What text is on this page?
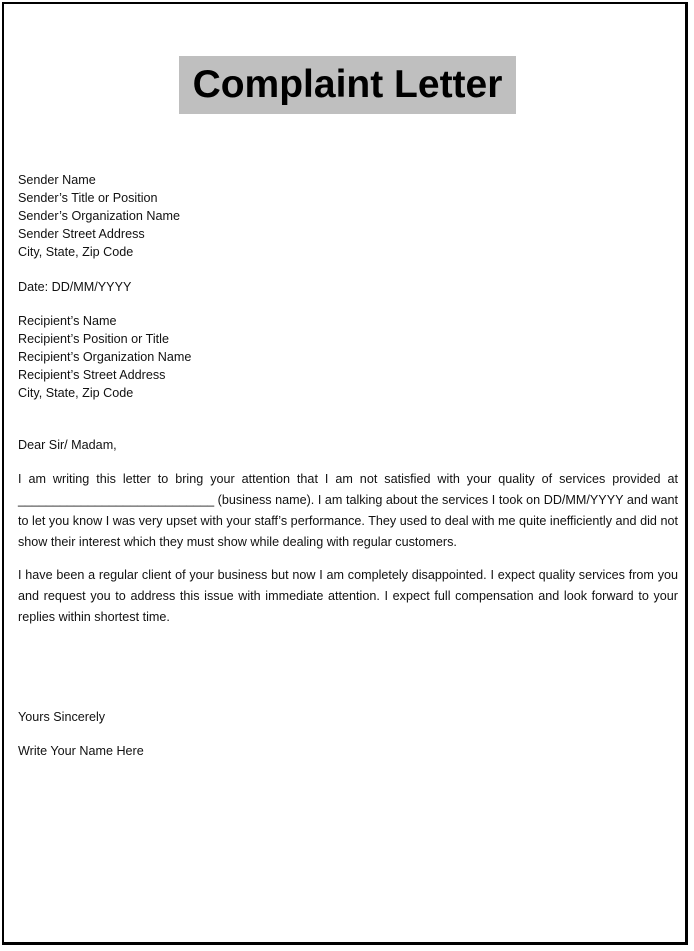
Complaint Letter
Sender Name
Sender’s Title or Position
Sender’s Organization Name
Sender Street Address
City, State, Zip Code
Date: DD/MM/YYYY
Recipient’s Name
Recipient’s Position or Title
Recipient’s Organization Name
Recipient’s Street Address
City, State, Zip Code
Dear Sir/ Madam,
I am writing this letter to bring your attention that I am not satisfied with your quality of services provided at ____________________________ (business name). I am talking about the services I took on DD/MM/YYYY and want to let you know I was very upset with your staff’s performance. They used to deal with me quite inefficiently and did not show their interest which they must show while dealing with regular customers.
I have been a regular client of your business but now I am completely disappointed. I expect quality services from you and request you to address this issue with immediate attention. I expect full compensation and look forward to your replies within shortest time.
Yours Sincerely
Write Your Name Here
